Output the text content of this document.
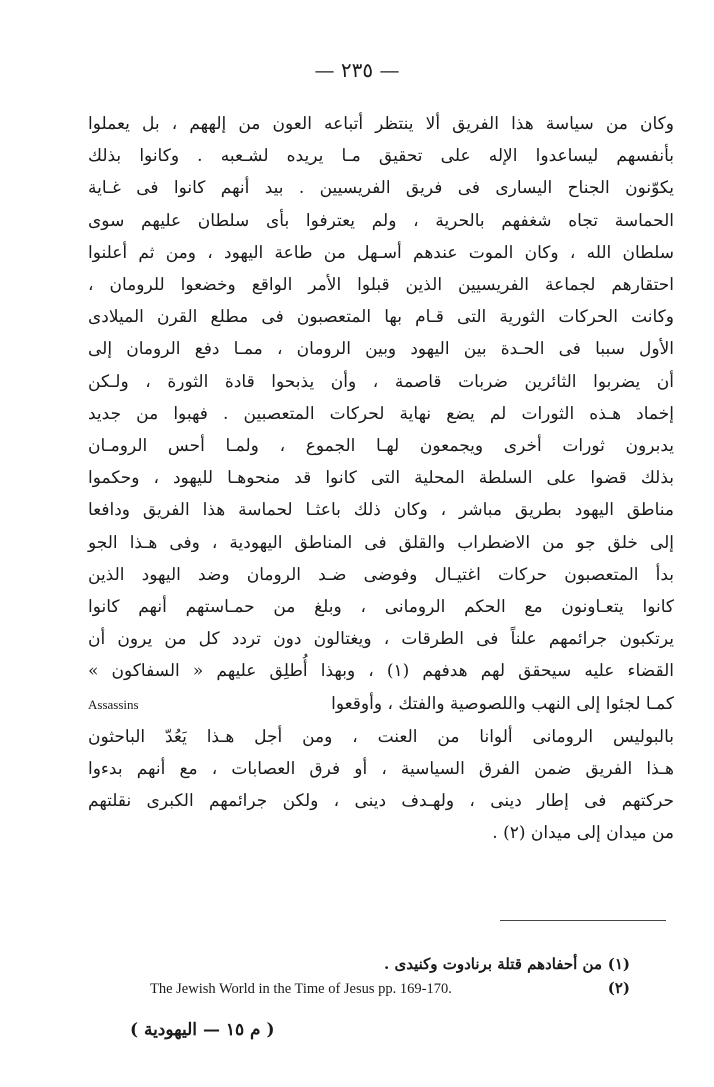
— ٢٣٥ —
وكان من سياسة هذا الفريق ألا ينتظر أتباعه العون من إلههم ، بل يعملوا
بأنفسهم ليساعدوا الإله على تحقيق مـا يريده لشـعبه . وكانوا بذلك
يكوّنون الجناح اليسارى فى فريق الفريسيين . بيد أنهم كانوا فى غـاية
الحماسة تجاه شغفهم بالحرية ، ولم يعترفوا بأى سلطان عليهم سوى
سلطان الله ، وكان الموت عندهم أسـهل من طاعة اليهود ، ومن ثم أعلنوا
احتقارهم لجماعة الفريسيين الذين قبلوا الأمر الواقع وخضعوا للرومان ،
وكانت الحركات الثورية التى قـام بها المتعصبون فى مطلع القرن الميلادى
الأول سببا فى الحـدة بين اليهود وبين الرومان ، ممـا دفع الرومان إلى
أن يضربوا الثائرين ضربات قاصمة ، وأن يذبحوا قادة الثورة ، ولـكن
إخماد هـذه الثورات لم يضع نهاية لحركات المتعصبين . فهبوا من جديد
يدبرون ثورات أخرى ويجمعون لهـا الجموع ، ولمـا أحس الرومـان
بذلك قضوا على السلطة المحلية التى كانوا قد منحوهـا لليهود ، وحكموا
مناطق اليهود بطريق مباشر ، وكان ذلك باعثـا لحماسة هذا الفريق ودافعا
إلى خلق جو من الاضطراب والقلق فى المناطق اليهودية ، وفى هـذا الجو
بدأ المتعصبون حركات اغتيـال وفوضى ضـد الرومان وضد اليهود الذين
كانوا يتعـاونون مع الحكم الرومانى ، وبلغ من حمـاستهم أنهم كانوا
يرتكبون جرائمهم علناً فى الطرقات ، ويغتالون دون تردد كل من يرون أن
القضاء عليه سيحقق لهم هدفهم (١) ، وبهذا أُطلِق عليهم « السفاكون »
كمـا لجئوا إلى النهب واللصوصية والفتك ، وأوقعوا
Assassins
بالبوليس الرومانى ألوانا من العنت ، ومن أجل هـذا يَعُدّ الباحثون
هـذا الفريق ضمن الفرق السياسية ، أو فرق العصابات ، مع أنهم بدءوا
حركتهم فى إطار دينى ، ولهـدف دينى ، ولكن جرائمهم الكبرى نقلتهم
من ميدان إلى ميدان (٢) .
(١)
من أحفادهم قتلة برنادوت وكنيدى .
(٢)
The Jewish World in the Time of Jesus pp. 169-170.
( م ١٥ — اليهودية )
